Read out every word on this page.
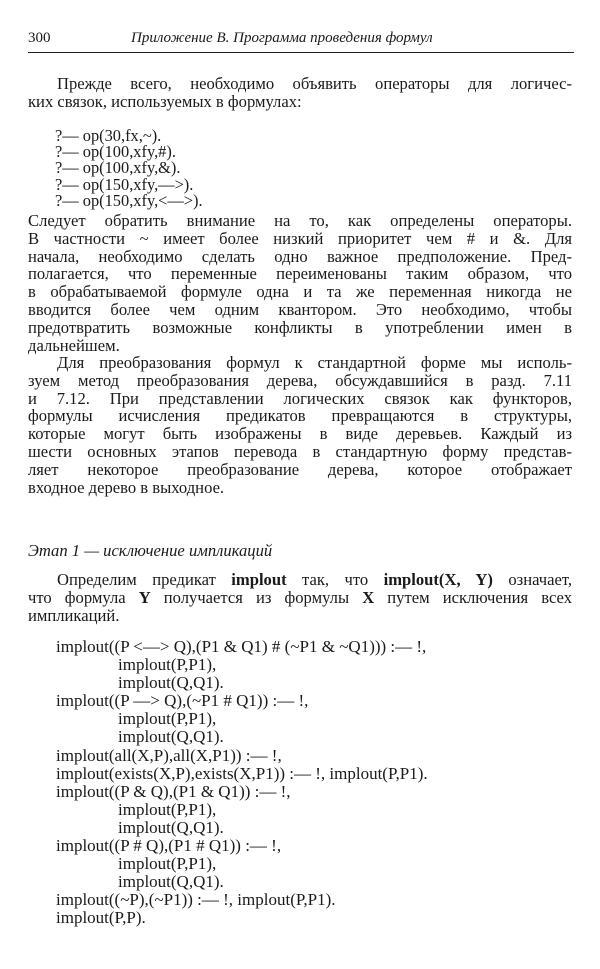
300	Приложение В. Программа проведения формул
Прежде всего, необходимо объявить операторы для логичес-
ких связок, используемых в формулах:
?— op(30,fx,~).
?— op(100,xfy,#).
?— op(100,xfy,&).
?— op(150,xfy,—>).
?— op(150,xfy,<—>).
Следует обратить внимание на то, как определены операторы.
В частности ~ имеет более низкий приоритет чем # и &. Для
начала, необходимо сделать одно важное предположение. Пред-
полагается, что переменные переименованы таким образом, что
в обрабатываемой формуле одна и та же переменная никогда не
вводится более чем одним квантором. Это необходимо, чтобы
предотвратить возможные конфликты в употреблении имен в
дальнейшем.
Для преобразования формул к стандартной форме мы исполь-
зуем метод преобразования дерева, обсуждавшийся в разд. 7.11
и 7.12. При представлении логических связок как функторов,
формулы исчисления предикатов превращаются в структуры,
которые могут быть изображены в виде деревьев. Каждый из
шести основных этапов перевода в стандартную форму представ-
ляет некоторое преобразование дерева, которое отображает
входное дерево в выходное.
Этап 1 — исключение импликаций
Определим предикат implout так, что implout(X, Y) означает,
что формула Y получается из формулы X путем исключения всех
импликаций.
implout((P <—> Q),(P1 & Q1) # (~P1 & ~Q1))) :— !,
implout(P,P1),
implout(Q,Q1).
implout((P —> Q),(~P1 # Q1)) :— !,
implout(P,P1),
implout(Q,Q1).
implout(all(X,P),all(X,P1)) :— !,
implout(exists(X,P),exists(X,P1)) :— !, implout(P,P1).
implout((P & Q),(P1 & Q1)) :— !,
implout(P,P1),
implout(Q,Q1).
implout((P # Q),(P1 # Q1)) :— !,
implout(P,P1),
implout(Q,Q1).
implout((~P),(~P1)) :— !, implout(P,P1).
implout(P,P).
